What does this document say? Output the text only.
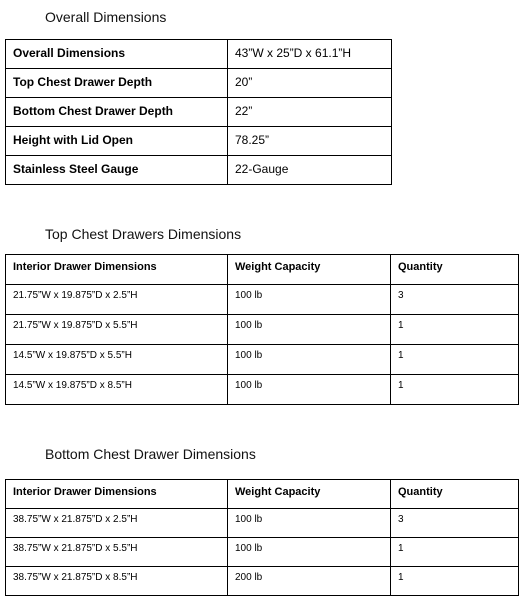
Overall Dimensions
Overall Dimensions	43”W x 25”D x 61.1”H
Top Chest Drawer Depth	20”
Bottom Chest Drawer Depth	22”
Height with Lid Open	78.25”
Stainless Steel Gauge	22-Gauge
Top Chest Drawers Dimensions
Interior Drawer Dimensions	Weight Capacity	Quantity
21.75”W x 19.875”D x 2.5”H	100 lb	3
21.75”W x 19.875”D x 5.5”H	100 lb	1
14.5”W x 19.875”D x 5.5”H	100 lb	1
14.5”W x 19.875”D x 8.5”H	100 lb	1
Bottom Chest Drawer Dimensions
Interior Drawer Dimensions	Weight Capacity	Quantity
38.75”W x 21.875”D x 2.5”H	100 lb	3
38.75”W x 21.875”D x 5.5”H	100 lb	1
38.75”W x 21.875”D x 8.5”H	200 lb	1
